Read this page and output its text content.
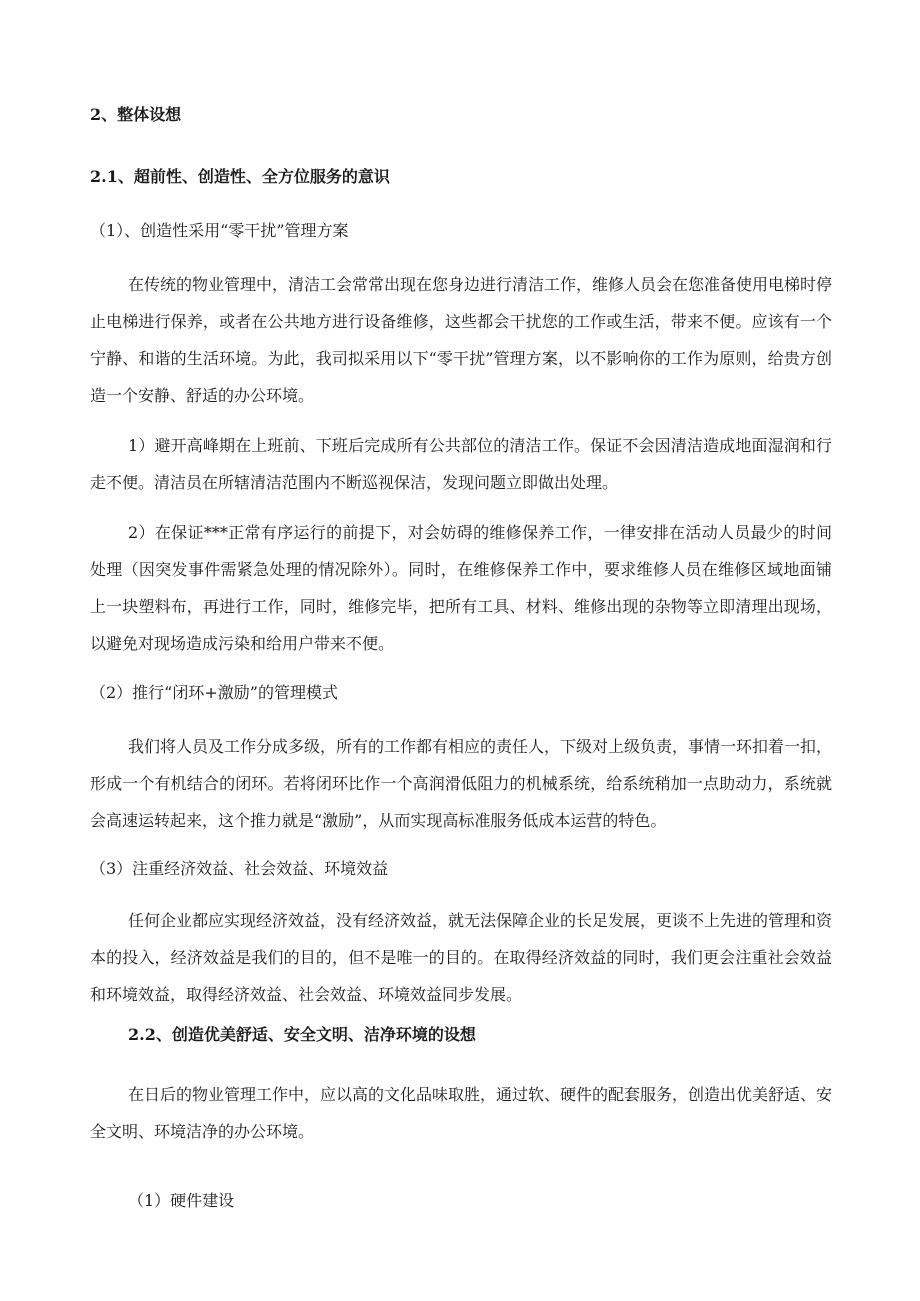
2、整体设想
2.1、超前性、创造性、全方位服务的意识
（1）、创造性采用“零干扰”管理方案
在传统的物业管理中，清洁工会常常出现在您身边进行清洁工作，维修人员会在您准备使用电梯时停止电梯进行保养，或者在公共地方进行设备维修，这些都会干扰您的工作或生活，带来不便。应该有一个宁静、和谐的生活环境。为此，我司拟采用以下“零干扰”管理方案，以不影响你的工作为原则，给贵方创造一个安静、舒适的办公环境。
1）避开高峰期在上班前、下班后完成所有公共部位的清洁工作。保证不会因清洁造成地面湿润和行走不便。清洁员在所辖清洁范围内不断巡视保洁，发现问题立即做出处理。
2）在保证***正常有序运行的前提下，对会妨碍的维修保养工作，一律安排在活动人员最少的时间处理（因突发事件需紧急处理的情况除外）。同时，在维修保养工作中，要求维修人员在维修区域地面铺上一块塑料布，再进行工作，同时，维修完毕，把所有工具、材料、维修出现的杂物等立即清理出现场，以避免对现场造成污染和给用户带来不便。
（2）推行“闭环+激励”的管理模式
我们将人员及工作分成多级，所有的工作都有相应的责任人，下级对上级负责，事情一环扣着一扣，形成一个有机结合的闭环。若将闭环比作一个高润滑低阻力的机械系统，给系统稍加一点助动力，系统就会高速运转起来，这个推力就是“激励”，从而实现高标准服务低成本运营的特色。
（3）注重经济效益、社会效益、环境效益
任何企业都应实现经济效益，没有经济效益，就无法保障企业的长足发展，更谈不上先进的管理和资本的投入，经济效益是我们的目的，但不是唯一的目的。在取得经济效益的同时，我们更会注重社会效益和环境效益，取得经济效益、社会效益、环境效益同步发展。
2.2、创造优美舒适、安全文明、洁净环境的设想
在日后的物业管理工作中，应以高的文化品味取胜，通过软、硬件的配套服务，创造出优美舒适、安全文明、环境洁净的办公环境。
（1）硬件建设
